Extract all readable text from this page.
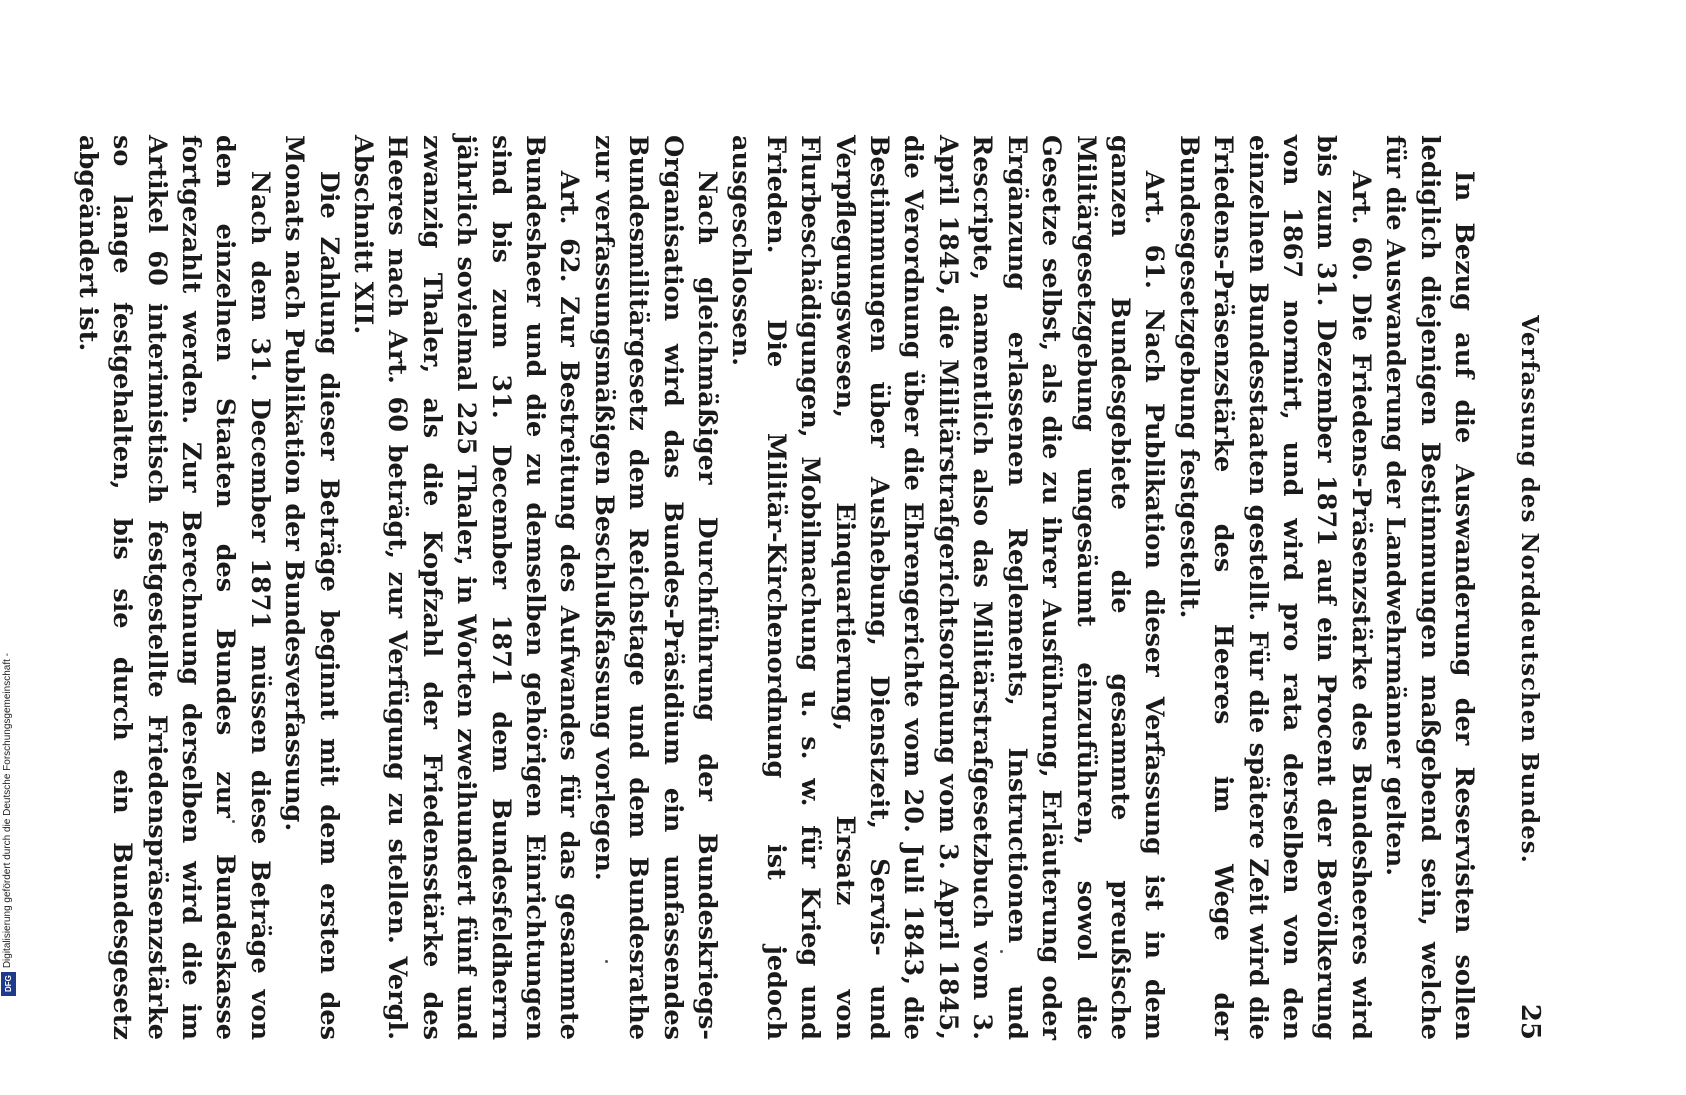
Digitalisierung gefördert durch die Deutsche Forschungsgemeinschaft -
DFG
Verfassung des Norddeutschen Bundes.
25

In Bezug auf die Auswanderung der Reservisten sollen lediglich diejenigen Bestimmungen maßgebend sein, welche für die Auswanderung der Landwehrmänner gelten.

Art. 60. Die Friedens-Präsenzstärke des Bundesheeres wird bis zum 31. Dezember 1871 auf ein Procent der Bevölkerung von 1867 normirt, und wird pro rata derselben von den einzelnen Bundesstaaten gestellt. Für die spätere Zeit wird die Friedens-Präsenzstärke des Heeres im Wege der Bundesgesetzgebung festgestellt.

Art. 61. Nach Publikation dieser Verfassung ist in dem ganzen Bundesgebiete die gesammte preußische Militärgesetzgebung ungesäumt einzuführen, sowol die Gesetze selbst, als die zu ihrer Ausführung, Erläuterung oder Ergänzung erlassenen Reglements, Instructionen und Rescripte, namentlich also das Militärstrafgesetzbuch vom 3. April 1845, die Militärstrafgerichtsordnung vom 3. April 1845, die Verordnung über die Ehrengerichte vom 20. Juli 1843, die Bestimmungen über Aushebung, Dienstzeit, Servis- und Verpflegungswesen, Einquartierung, Ersatz von Flurbeschädigungen, Mobilmachung u. s. w. für Krieg und Frieden. Die Militär-Kirchenordnung ist jedoch ausgeschlossen.

Nach gleichmäßiger Durchführung der Bundeskriegs-Organisation wird das Bundes-Präsidium ein umfassendes Bundesmilitärgesetz dem Reichstage und dem Bundesrathe zur verfassungsmäßigen Beschlußfassung vorlegen.

Art. 62. Zur Bestreitung des Aufwandes für das gesammte Bundesheer und die zu demselben gehörigen Einrichtungen sind bis zum 31. December 1871 dem Bundesfeldherrn jährlich sovielmal 225 Thaler, in Worten zweihundert fünf und zwanzig Thaler, als die Kopfzahl der Friedensstärke des Heeres nach Art. 60 beträgt, zur Verfügung zu stellen. Vergl. Abschnitt XII.

Die Zahlung dieser Beträge beginnt mit dem ersten des Monats nach Publikation der Bundesverfassung.

Nach dem 31. December 1871 müssen diese Beträge von den einzelnen Staaten des Bundes zur Bundeskasse fortgezahlt werden. Zur Berechnung derselben wird die im Artikel 60 interimistisch festgestellte Friedenspräsenzstärke so lange festgehalten, bis sie durch ein Bundesgesetz abgeändert ist.
